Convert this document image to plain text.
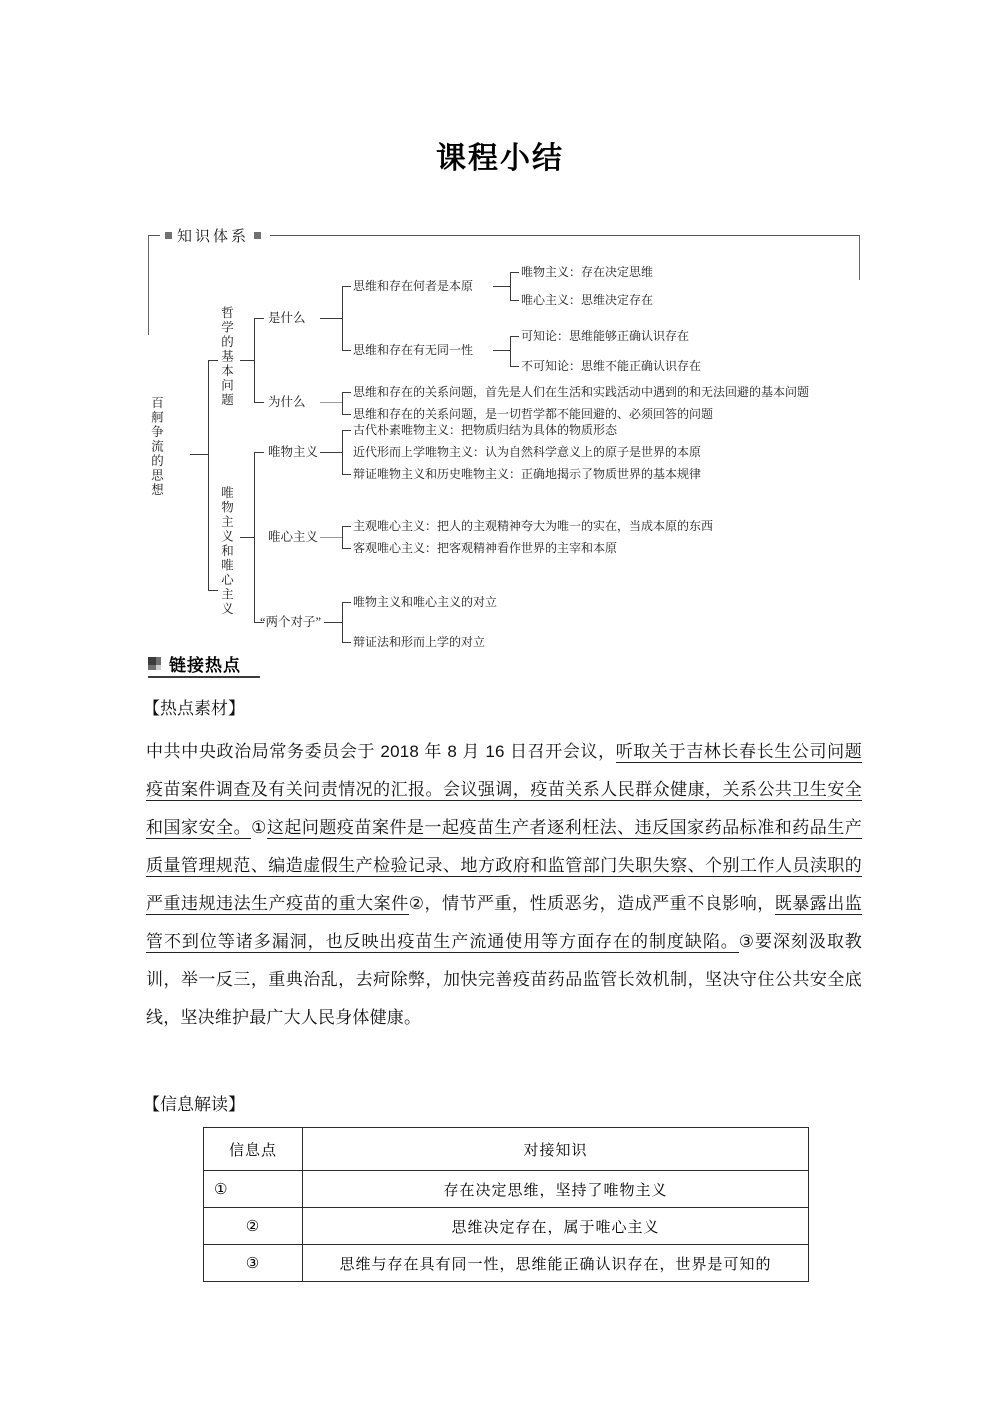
课程小结
知识体系
百舸争流的思想
哲学的基本问题
唯物主义和唯心主义
是什么
思维和存在何者是本原
唯物主义：存在决定思维
唯心主义：思维决定存在
思维和存在有无同一性
可知论：思维能够正确认识存在
不可知论：思维不能正确认识存在
为什么
思维和存在的关系问题，首先是人们在生活和实践活动中遇到的和无法回避的基本问题
思维和存在的关系问题，是一切哲学都不能回避的、必须回答的问题
唯物主义
古代朴素唯物主义：把物质归结为具体的物质形态
近代形而上学唯物主义：认为自然科学意义上的原子是世界的本原
辩证唯物主义和历史唯物主义：正确地揭示了物质世界的基本规律
唯心主义
主观唯心主义：把人的主观精神夸大为唯一的实在，当成本原的东西
客观唯心主义：把客观精神看作世界的主宰和本原
“两个对子”
唯物主义和唯心主义的对立
辩证法和形而上学的对立
链接热点
【热点素材】
中共中央政治局常务委员会于 2018 年 8 月 16 日召开会议，听取关于吉林长春长生公司问题疫苗案件调查及有关问责情况的汇报。会议强调，疫苗关系人民群众健康，关系公共卫生安全和国家安全。①这起问题疫苗案件是一起疫苗生产者逐利枉法、违反国家药品标准和药品生产质量管理规范、编造虚假生产检验记录、地方政府和监管部门失职失察、个别工作人员渎职的严重违规违法生产疫苗的重大案件②，情节严重，性质恶劣，造成严重不良影响，既暴露出监管不到位等诸多漏洞，也反映出疫苗生产流通使用等方面存在的制度缺陷。③要深刻汲取教训，举一反三，重典治乱，去疴除弊，加快完善疫苗药品监管长效机制，坚决守住公共安全底线，坚决维护最广大人民身体健康。
【信息解读】
信息点	对接知识
①	存在决定思维，坚持了唯物主义
②	思维决定存在，属于唯心主义
③	思维与存在具有同一性，思维能正确认识存在，世界是可知的
